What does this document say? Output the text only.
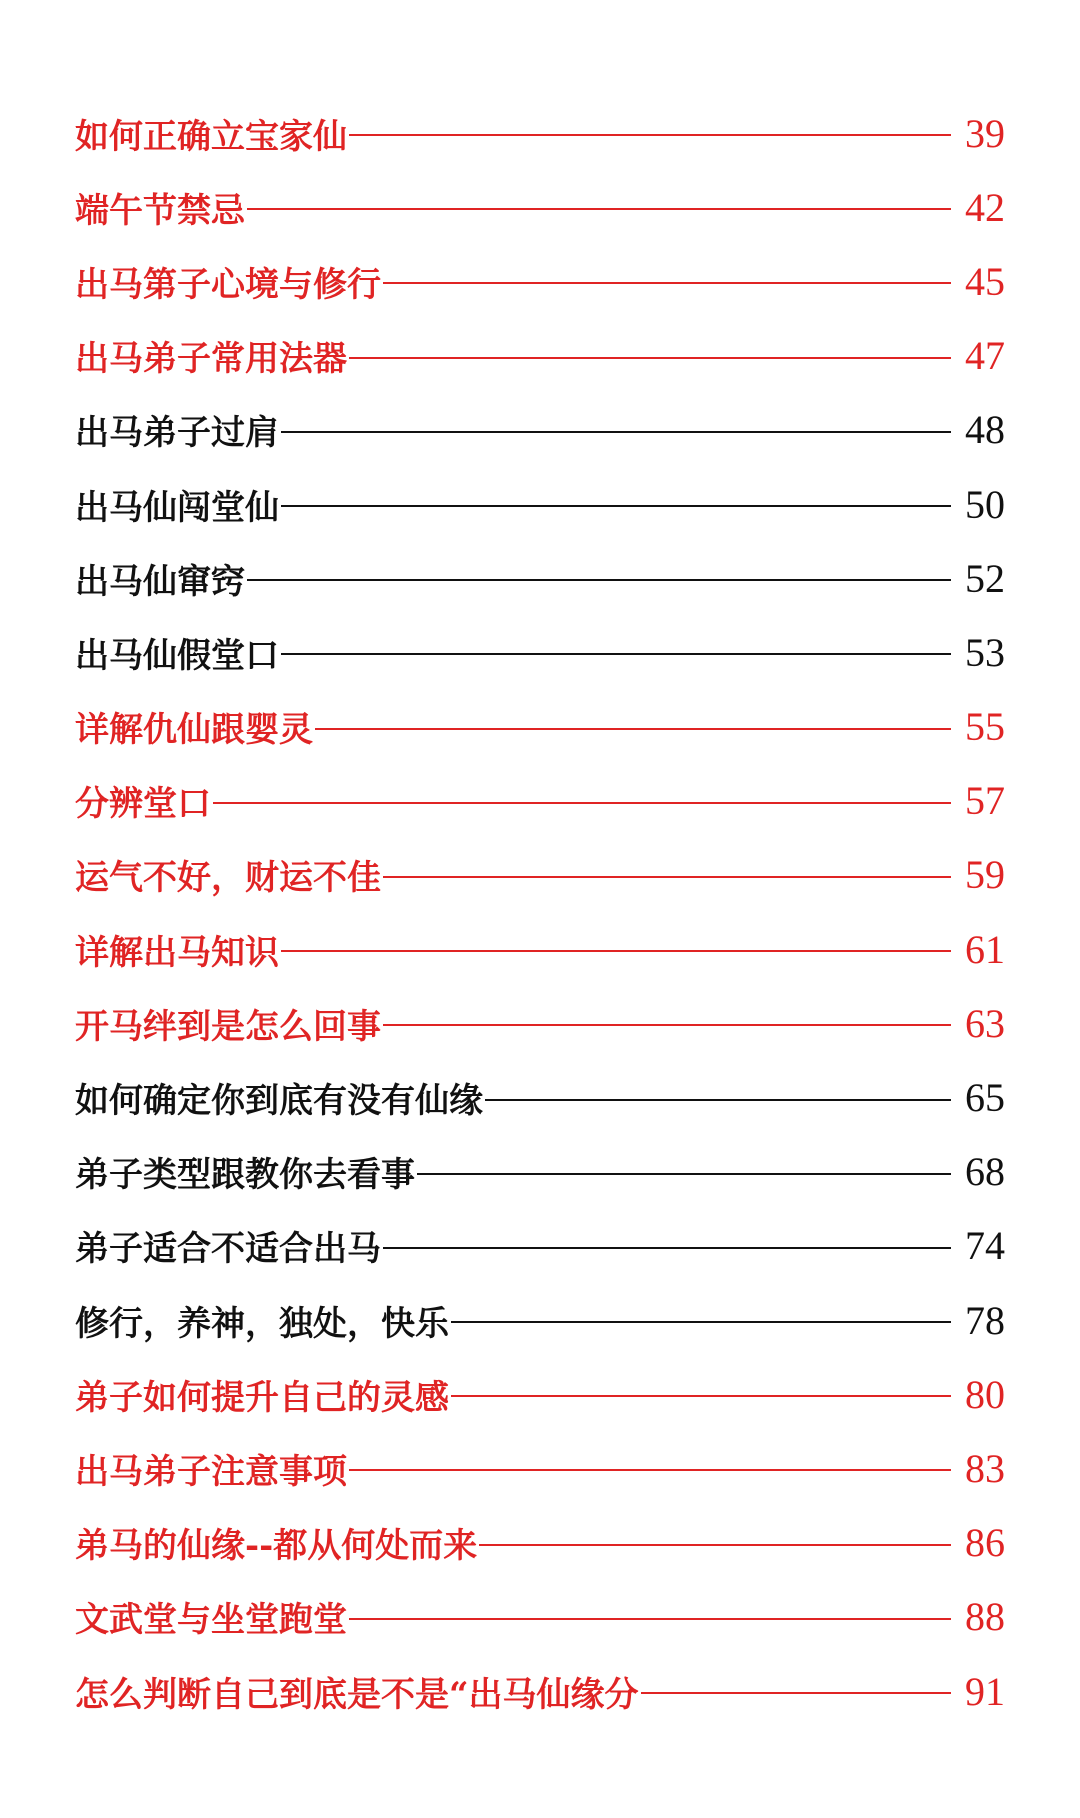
如何正确立宝家仙	39
端午节禁忌	42
出马第子心境与修行	45
出马弟子常用法器	47
出马弟子过肩	48
出马仙闯堂仙	50
出马仙窜窍	52
出马仙假堂口	53
详解仇仙跟婴灵	55
分辨堂口	57
运气不好，财运不佳	59
详解出马知识	61
开马绊到是怎么回事	63
如何确定你到底有没有仙缘	65
弟子类型跟教你去看事	68
弟子适合不适合出马	74
修行，养神，独处，快乐	78
弟子如何提升自己的灵感	80
出马弟子注意事项	83
弟马的仙缘--都从何处而来	86
文武堂与坐堂跑堂	88
怎么判断自己到底是不是“出马仙缘分	91
